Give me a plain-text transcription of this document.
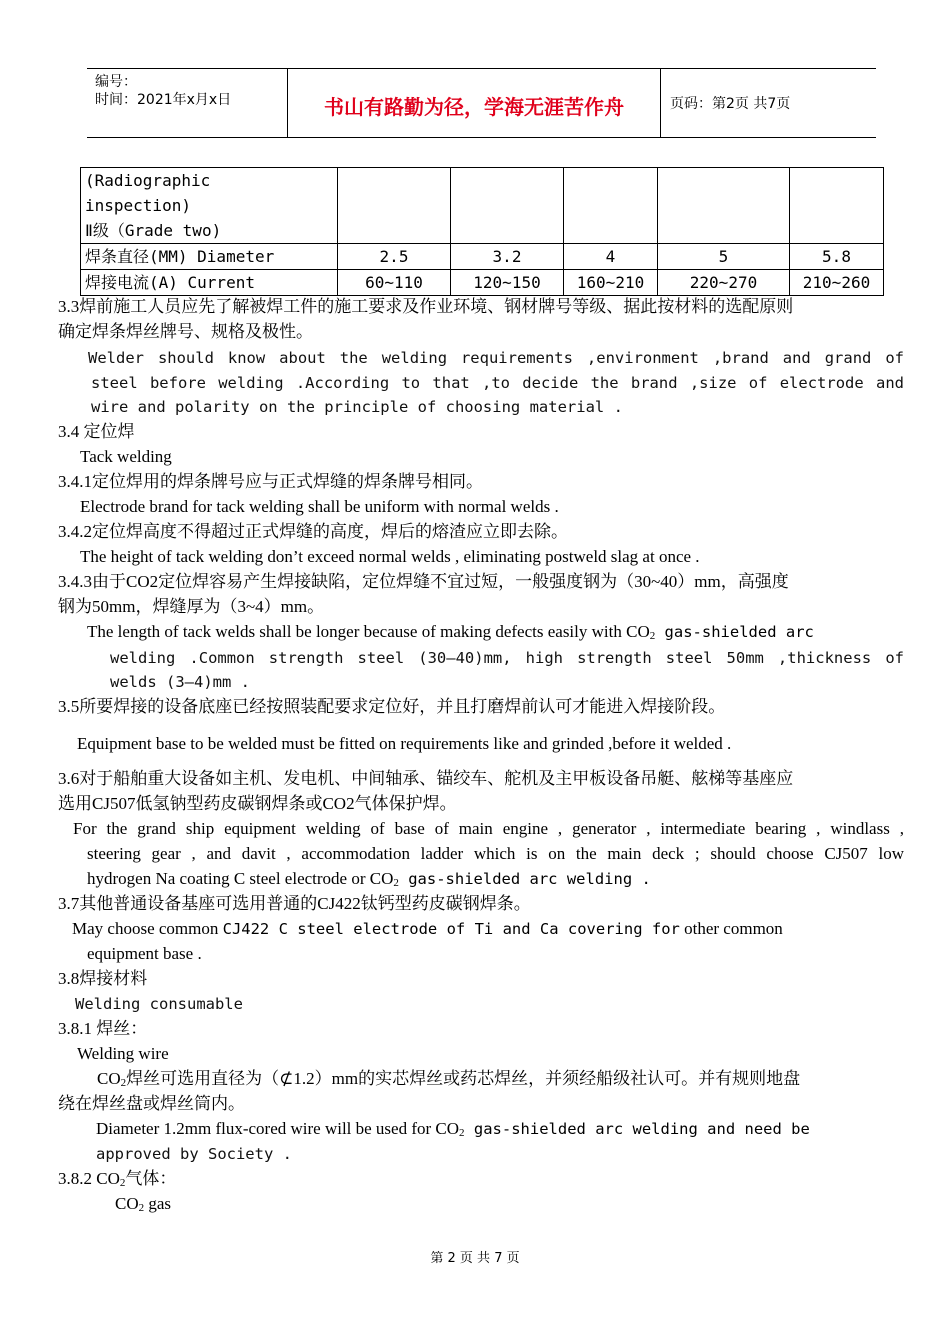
编号：
时间：2021年x月x日	书山有路勤为径，学海无涯苦作舟	页码：第2页 共7页
(Radiographic
inspection)
Ⅱ级（Grade two)					

焊条直径(MM) Diameter	2.5	3.2	4	5	5.8
焊接电流(A) Current	60~110	120~150	160~210	220~270	210~260
3.3焊前施工人员应先了解被焊工件的施工要求及作业环境、钢材牌号等级、据此按材料的选配原则
确定焊条焊丝牌号、规格及极性。
Welder should know about the welding requirements ,environment ,brand and grand of
steel before welding .According to that ,to decide the brand ,size of electrode and
wire and polarity on the principle of choosing material .
3.4 定位焊
Tack welding
3.4.1定位焊用的焊条牌号应与正式焊缝的焊条牌号相同。
Electrode brand for tack welding shall be uniform with normal welds .
3.4.2定位焊高度不得超过正式焊缝的高度，焊后的熔渣应立即去除。
The height of tack welding don’t exceed normal welds , eliminating postweld slag at once .
3.4.3由于CO2定位焊容易产生焊接缺陷，定位焊缝不宜过短，一般强度钢为（30~40）mm，高强度
钢为50mm，焊缝厚为（3~4）mm。
The length of tack welds shall be longer because of making defects easily with $CO_2$ gas-shielded arc
welding .Common strength steel (30—40)mm, high strength steel 50mm ,thickness of
welds (3—4)mm .
3.5所要焊接的设备底座已经按照装配要求定位好，并且打磨焊前认可才能进入焊接阶段。
Equipment base to be welded must be fitted on requirements like and grinded ,before it welded .
3.6对于船舶重大设备如主机、发电机、中间轴承、锚绞车、舵机及主甲板设备吊艇、舷梯等基座应
选用CJ507低氢钠型药皮碳钢焊条或CO2气体保护焊。
For the grand ship equipment welding of base of main engine , generator , intermediate bearing , windlass ,
steering gear , and davit , accommodation ladder which is on the main deck ; should choose CJ507 low
hydrogen Na coating C steel electrode or $CO_2$ gas-shielded arc welding .
3.7其他普通设备基座可选用普通的CJ422钛钙型药皮碳钢焊条。
May choose common CJ422 C steel electrode of Ti and Ca covering for other common
equipment base .
3.8焊接材料
Welding consumable
3.8.1 焊丝：
Welding wire
$CO_2$焊丝可选用直径为（⊄1.2）mm的实芯焊丝或药芯焊丝，并须经船级社认可。并有规则地盘
绕在焊丝盘或焊丝筒内。
Diameter 1.2mm flux-cored wire will be used for $CO_2$ gas-shielded arc welding and need be
approved by Society .
3.8.2 $CO_2$气体：
$CO_2$ gas
第 2 页 共 7 页
